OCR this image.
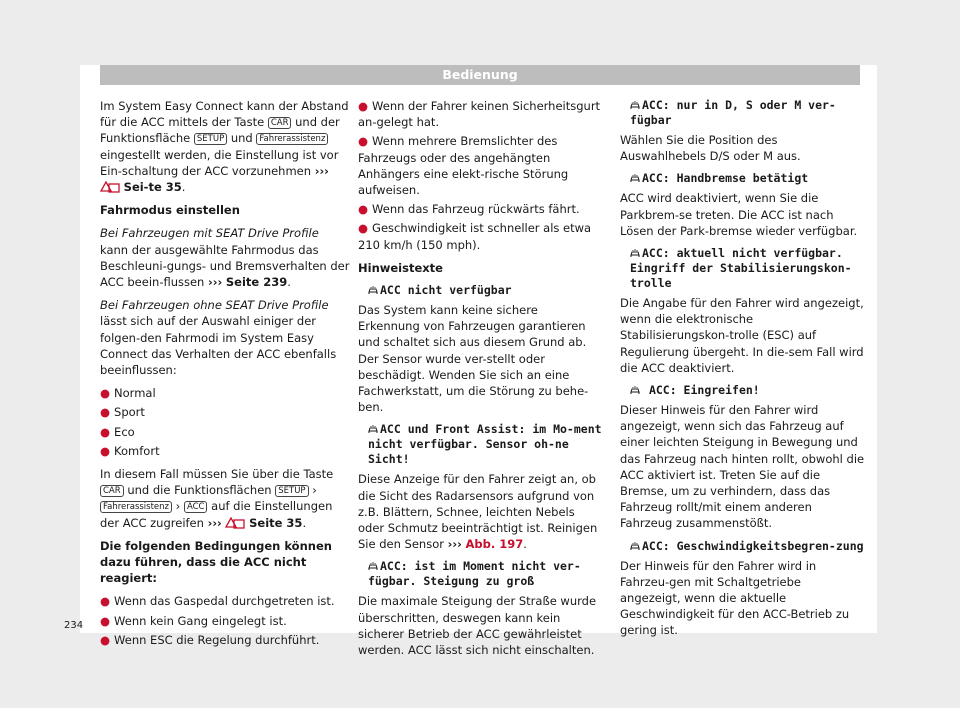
Bedienung

Im System Easy Connect kann der Abstand für die ACC mittels der Taste CAR und der Funktionsfläche SETUP und Fahrerassistenz eingestellt werden, die Einstellung ist vor Ein-schaltung der ACC vorzunehmen ›››  Sei-te 35.

Fahrmodus einstellen

Bei Fahrzeugen mit SEAT Drive Profile kann der ausgewählte Fahrmodus das Beschleuni-gungs- und Bremsverhalten der ACC beein-flussen ››› Seite 239.

Bei Fahrzeugen ohne SEAT Drive Profile lässt sich auf der Auswahl einiger der folgen-den Fahrmodi im System Easy Connect das Verhalten der ACC ebenfalls beeinflussen:

● Normal
● Sport
● Eco
● Komfort

In diesem Fall müssen Sie über die Taste CAR und die Funktionsflächen SETUP › Fahrerassistenz › ACC auf die Einstellungen der ACC zugreifen ››› Seite 35.

Die folgenden Bedingungen können dazu führen, dass die ACC nicht reagiert:

● Wenn das Gaspedal durchgetreten ist.
● Wenn kein Gang eingelegt ist.
● Wenn ESC die Regelung durchführt.
● Wenn der Fahrer keinen Sicherheitsgurt an-gelegt hat.
● Wenn mehrere Bremslichter des Fahrzeugs oder des angehängten Anhängers eine elekt-rische Störung aufweisen.
● Wenn das Fahrzeug rückwärts fährt.
● Geschwindigkeit ist schneller als etwa 210 km/h (150 mph).

Hinweistexte

ACC nicht verfügbar

Das System kann keine sichere Erkennung von Fahrzeugen garantieren und schaltet sich aus diesem Grund ab. Der Sensor wurde ver-stellt oder beschädigt. Wenden Sie sich an eine Fachwerkstatt, um die Störung zu behe-ben.

ACC und Front Assist: im Mo-ment nicht verfügbar. Sensor oh-ne Sicht!

Diese Anzeige für den Fahrer zeigt an, ob die Sicht des Radarsensors aufgrund von z.B. Blättern, Schnee, leichten Nebels oder Schmutz beeinträchtigt ist. Reinigen Sie den Sensor ››› Abb. 197.

ACC: ist im Moment nicht ver-fügbar. Steigung zu groß

Die maximale Steigung der Straße wurde überschritten, deswegen kann kein sicherer Betrieb der ACC gewährleistet werden. ACC lässt sich nicht einschalten.

ACC: nur in D, S oder M ver-fügbar

Wählen Sie die Position des Auswahlhebels D/S oder M aus.

ACC: Handbremse betätigt

ACC wird deaktiviert, wenn Sie die Parkbrem-se treten. Die ACC ist nach Lösen der Park-bremse wieder verfügbar.

ACC: aktuell nicht verfügbar. Eingriff der Stabilisierungskon-trolle

Die Angabe für den Fahrer wird angezeigt, wenn die elektronische Stabilisierungskon-trolle (ESC) auf Regulierung übergeht. In die-sem Fall wird die ACC deaktiviert.

ACC: Eingreifen!

Dieser Hinweis für den Fahrer wird angezeigt, wenn sich das Fahrzeug auf einer leichten Steigung in Bewegung und das Fahrzeug nach hinten rollt, obwohl die ACC aktiviert ist. Treten Sie auf die Bremse, um zu verhindern, dass das Fahrzeug rollt/mit einem anderen Fahrzeug zusammenstößt.

ACC: Geschwindigkeitsbegren-zung

Der Hinweis für den Fahrer wird in Fahrzeu-gen mit Schaltgetriebe angezeigt, wenn die aktuelle Geschwindigkeit für den ACC-Betrieb zu gering ist.

234
